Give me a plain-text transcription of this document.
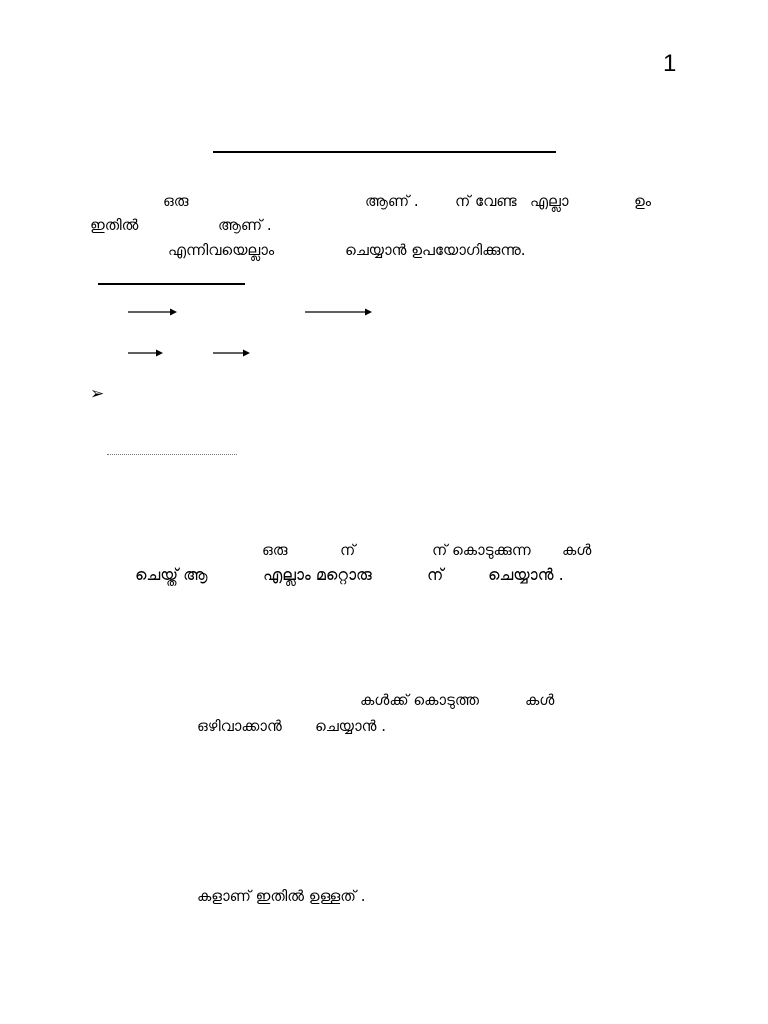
1
ഒരു	ആണ് . ന് വേണ്ട എല്ലാ	ഉം
ഇതിൽ	ആണ് .
എന്നിവയെല്ലാം	ചെയ്യാൻ ഉപയോഗിക്കുന്നു.
➢
ഒരു	ന്	ന് കൊടുക്കുന്ന കൾ
ചെയ്ത് ആ	എല്ലാം മറ്റൊരു	ന്	ചെയ്യാൻ .
കൾക്ക് കൊടുത്ത	കൾ
ഒഴിവാക്കാൻ ചെയ്യാൻ .
കളാണ് ഇതിൽ ഉള്ളത് .
